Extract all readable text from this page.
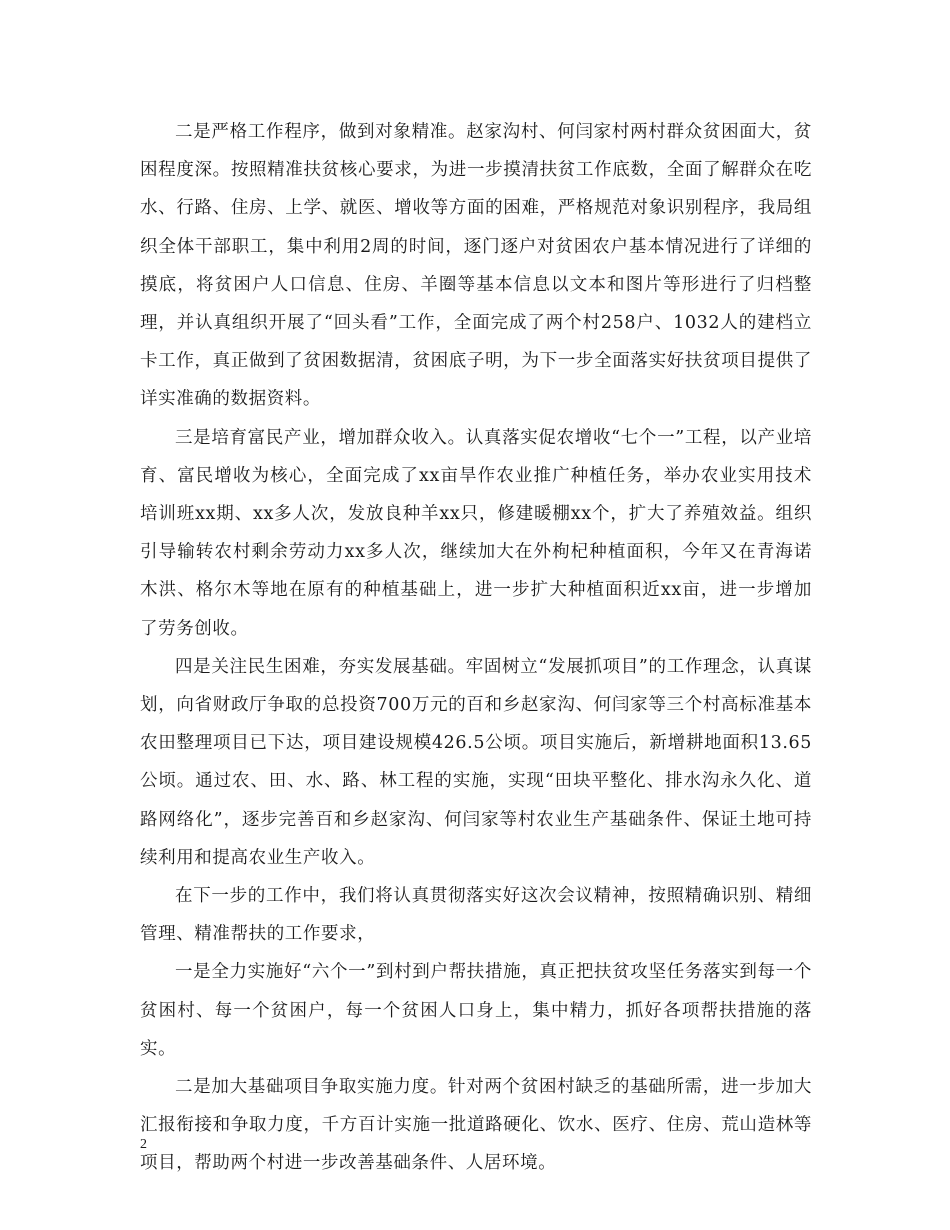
二是严格工作程序，做到对象精准。赵家沟村、何闫家村两村群众贫困面大，贫困程度深。按照精准扶贫核心要求，为进一步摸清扶贫工作底数，全面了解群众在吃水、行路、住房、上学、就医、增收等方面的困难，严格规范对象识别程序，我局组织全体干部职工，集中利用2周的时间，逐门逐户对贫困农户基本情况进行了详细的摸底，将贫困户人口信息、住房、羊圈等基本信息以文本和图片等形进行了归档整理，并认真组织开展了“回头看”工作，全面完成了两个村258户、1032人的建档立卡工作，真正做到了贫困数据清，贫困底子明，为下一步全面落实好扶贫项目提供了详实准确的数据资料。

三是培育富民产业，增加群众收入。认真落实促农增收“七个一”工程，以产业培育、富民增收为核心，全面完成了xx亩旱作农业推广种植任务，举办农业实用技术培训班xx期、xx多人次，发放良种羊xx只，修建暖棚xx个，扩大了养殖效益。组织引导输转农村剩余劳动力xx多人次，继续加大在外枸杞种植面积，今年又在青海诺木洪、格尔木等地在原有的种植基础上，进一步扩大种植面积近xx亩，进一步增加了劳务创收。

四是关注民生困难，夯实发展基础。牢固树立“发展抓项目”的工作理念，认真谋划，向省财政厅争取的总投资700万元的百和乡赵家沟、何闫家等三个村高标准基本农田整理项目已下达，项目建设规模426.5公顷。项目实施后，新增耕地面积13.65公顷。通过农、田、水、路、林工程的实施，实现“田块平整化、排水沟永久化、道路网络化”，逐步完善百和乡赵家沟、何闫家等村农业生产基础条件、保证土地可持续利用和提高农业生产收入。

在下一步的工作中，我们将认真贯彻落实好这次会议精神，按照精确识别、精细管理、精准帮扶的工作要求，

一是全力实施好“六个一”到村到户帮扶措施，真正把扶贫攻坚任务落实到每一个贫困村、每一个贫困户，每一个贫困人口身上，集中精力，抓好各项帮扶措施的落实。

二是加大基础项目争取实施力度。针对两个贫困村缺乏的基础所需，进一步加大汇报衔接和争取力度，千方百计实施一批道路硬化、饮水、医疗、住房、荒山造林等项目，帮助两个村进一步改善基础条件、人居环境。

2
